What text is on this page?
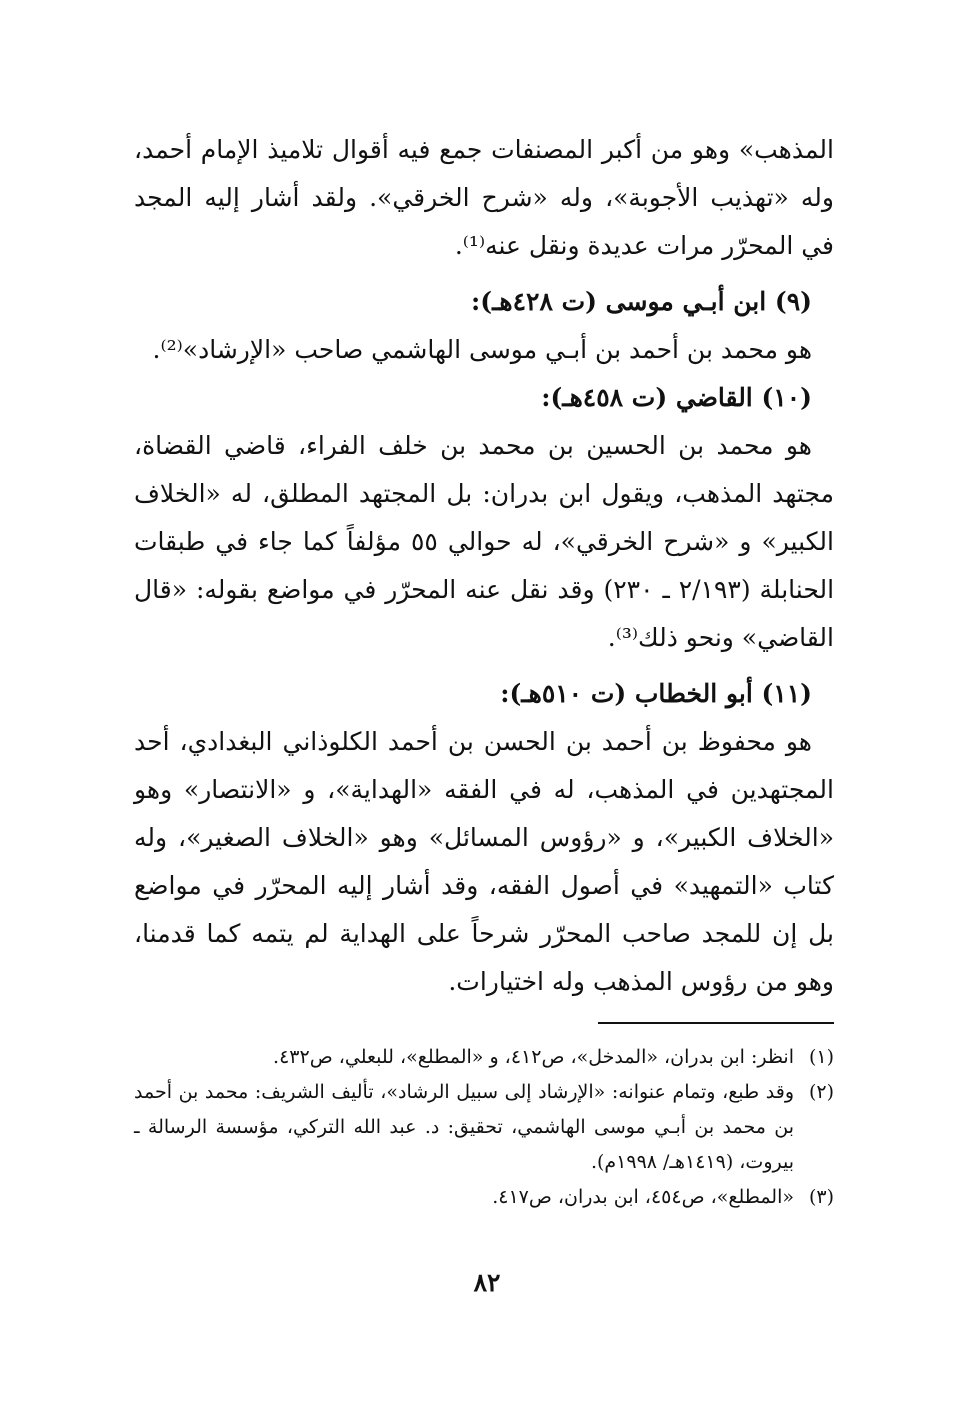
المذهب» وهو من أكبر المصنفات جمع فيه أقوال تلاميذ الإمام أحمد، وله «تهذيب الأجوبة»، وله «شرح الخرقي». ولقد أشار إليه المجد في المحرّر مرات عديدة ونقل عنه⁽¹⁾.

(٩) ابن أبـي موسى (ت ٤٢٨هـ):

هو محمد بن أحمد بن أبـي موسى الهاشمي صاحب «الإرشاد»⁽²⁾.

(١٠) القاضي (ت ٤٥٨هـ):

هو محمد بن الحسين بن محمد بن خلف الفراء، قاضي القضاة، مجتهد المذهب، ويقول ابن بدران: بل المجتهد المطلق، له «الخلاف الكبير» و «شرح الخرقي»، له حوالي ٥٥ مؤلفاً كما جاء في طبقات الحنابلة (٢/١٩٣ ـ ٢٣٠) وقد نقل عنه المحرّر في مواضع بقوله: «قال القاضي» ونحو ذلك⁽³⁾.

(١١) أبو الخطاب (ت ٥١٠هـ):

هو محفوظ بن أحمد بن الحسن بن أحمد الكلوذاني البغدادي، أحد المجتهدين في المذهب، له في الفقه «الهداية»، و «الانتصار» وهو «الخلاف الكبير»، و «رؤوس المسائل» وهو «الخلاف الصغير»، وله كتاب «التمهيد» في أصول الفقه، وقد أشار إليه المحرّر في مواضع بل إن للمجد صاحب المحرّر شرحاً على الهداية لم يتمه كما قدمنا، وهو من رؤوس المذهب وله اختيارات.

(١)
انظر: ابن بدران، «المدخل»، ص٤١٢، و «المطلع»، للبعلي، ص٤٣٢.
(٢)
وقد طبع، وتمام عنوانه: «الإرشاد إلى سبيل الرشاد»، تأليف الشريف: محمد بن أحمد بن محمد بن أبـي موسى الهاشمي، تحقيق: د. عبد الله التركي، مؤسسة الرسالة ـ بيروت، (١٤١٩هـ/ ١٩٩٨م).
(٣)
«المطلع»، ص٤٥٤، ابن بدران، ص٤١٧.
٨٢
